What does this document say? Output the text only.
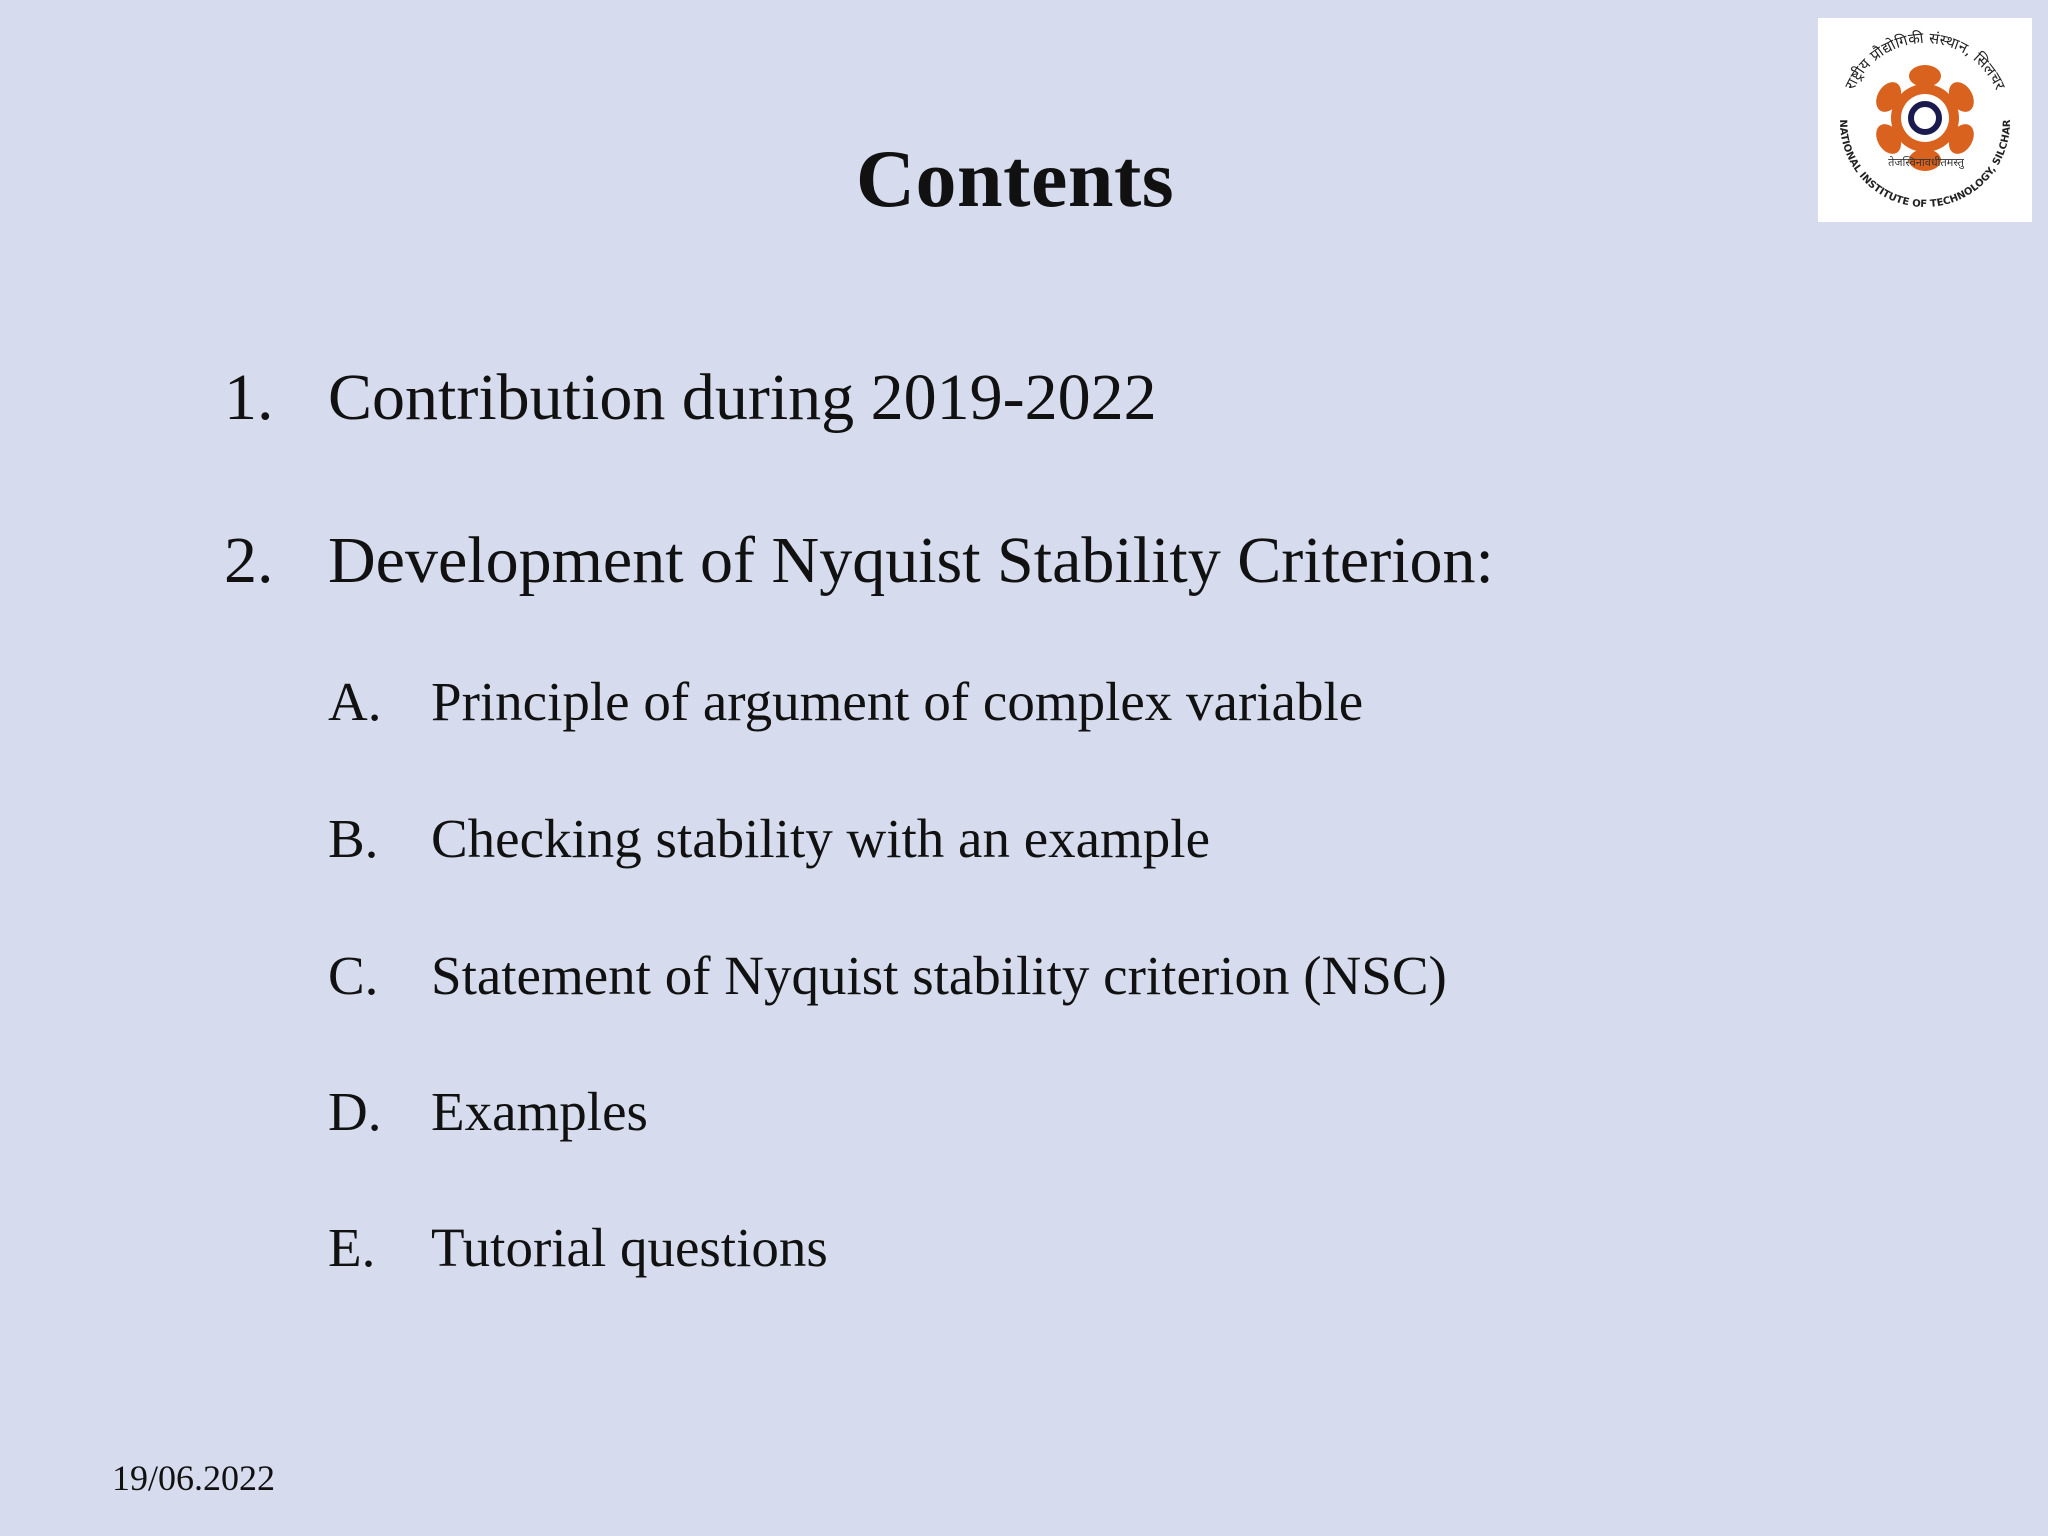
Contents
राष्ट्रीय प्रौद्योगिकी संस्थान, सिलचर
NATIONAL INSTITUTE OF TECHNOLOGY, SILCHAR
तेजस्विनावधीतमस्तु
1. Contribution during 2019-2022
2. Development of Nyquist Stability Criterion:
A. Principle of argument of complex variable
B. Checking stability with an example
C. Statement of Nyquist stability criterion (NSC)
D. Examples
E. Tutorial questions
19/06.2022
